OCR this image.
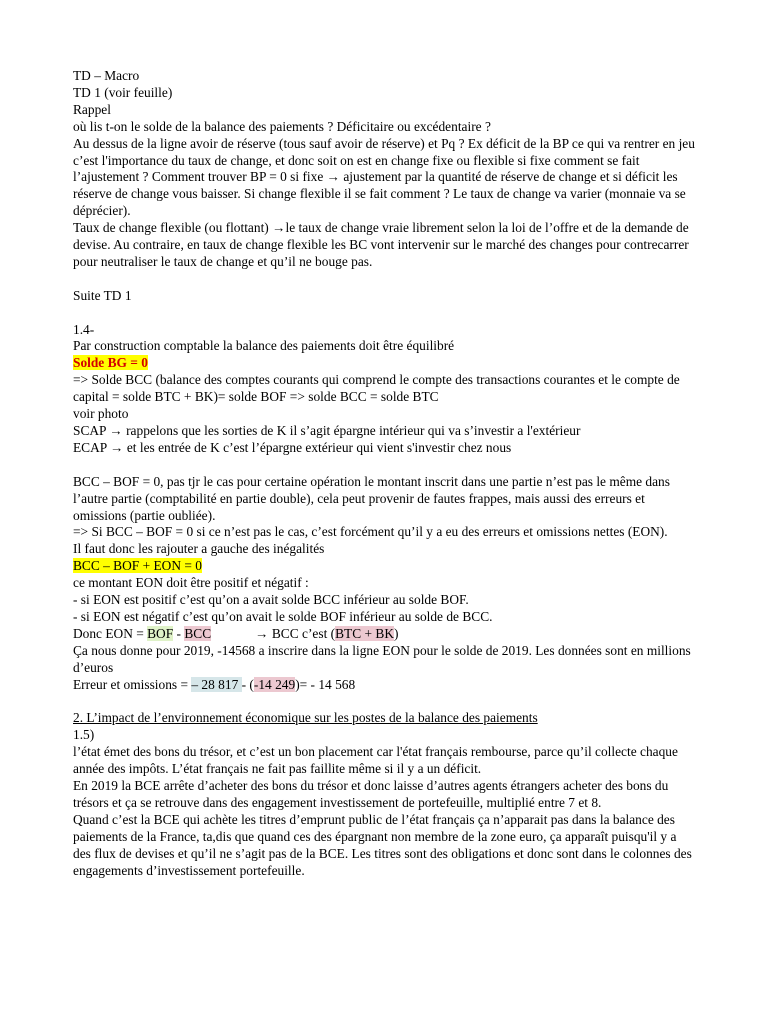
TD – Macro

TD 1 (voir feuille)

Rappel

où lis t-on le solde de la balance des paiements ? Déficitaire ou excédentaire ?

Au dessus de la ligne avoir de réserve (tous sauf avoir de réserve) et Pq ? Ex déficit de la BP ce qui va rentrer en jeu c’est l'importance du taux de change, et donc soit on est en change fixe ou flexible si fixe comment se fait l’ajustement ? Comment trouver BP = 0 si fixe → ajustement par la quantité de réserve de change et si déficit les réserve de change vous baisser. Si change flexible il se fait comment ? Le taux de change va varier (monnaie va se déprécier).

Taux de change flexible (ou flottant) →le taux de change vraie librement selon la loi de l’offre et de la demande de devise. Au contraire, en taux de change flexible les BC vont intervenir sur le marché des changes pour contrecarrer pour neutraliser le taux de change et qu’il ne bouge pas.

Suite TD 1

1.4-

Par construction comptable la balance des paiements doit être équilibré

Solde BG = 0

=> Solde BCC (balance des comptes courants qui comprend le compte des transactions courantes et le compte de capital = solde BTC + BK)= solde BOF => solde BCC = solde BTC

voir photo

SCAP → rappelons que les sorties de K il s’agit épargne intérieur qui va s’investir a l'extérieur

ECAP → et les entrée de K c’est l’épargne extérieur qui vient s'investir chez nous

BCC – BOF = 0, pas tjr le cas pour certaine opération le montant inscrit dans une partie n’est pas le même dans l’autre partie (comptabilité en partie double), cela peut provenir de fautes frappes, mais aussi des erreurs et omissions (partie oubliée).

=> Si BCC – BOF = 0 si ce n’est pas le cas, c’est forcément qu’il y a eu des erreurs et omissions nettes (EON).

Il faut donc les rajouter a gauche des inégalités

BCC – BOF + EON = 0

ce montant EON doit être positif et négatif :

- si EON est positif c’est qu’on a avait solde BCC inférieur au solde BOF.

- si EON est négatif c’est qu’on avait le solde BOF inférieur au solde de BCC.

Donc EON = BOF - BCC	→ BCC c’est (BTC + BK)

Ça nous donne pour 2019, -14568 a inscrire dans la ligne EON pour le solde de 2019. Les données sont en millions d’euros

Erreur et omissions = – 28 817 - (-14 249)= - 14 568

2. L’impact de l’environnement économique sur les postes de la balance des paiements

1.5)

l’état émet des bons du trésor, et c’est un bon placement car l'état français rembourse, parce qu’il collecte chaque année des impôts. L’état français ne fait pas faillite même si il y a un déficit.

En 2019 la BCE arrête d’acheter des bons du trésor et donc laisse d’autres agents étrangers acheter des bons du trésors et ça se retrouve dans des engagement investissement de portefeuille, multiplié entre 7 et 8.

Quand c’est la BCE qui achète les titres d’emprunt public de l’état français ça n’apparait pas dans la balance des paiements de la France, ta,dis que quand ces des épargnant non membre de la zone euro, ça apparaît puisqu'il y a des flux de devises et qu’il ne s’agit pas de la BCE. Les titres sont des obligations et donc sont dans le colonnes des engagements d’investissement portefeuille.
